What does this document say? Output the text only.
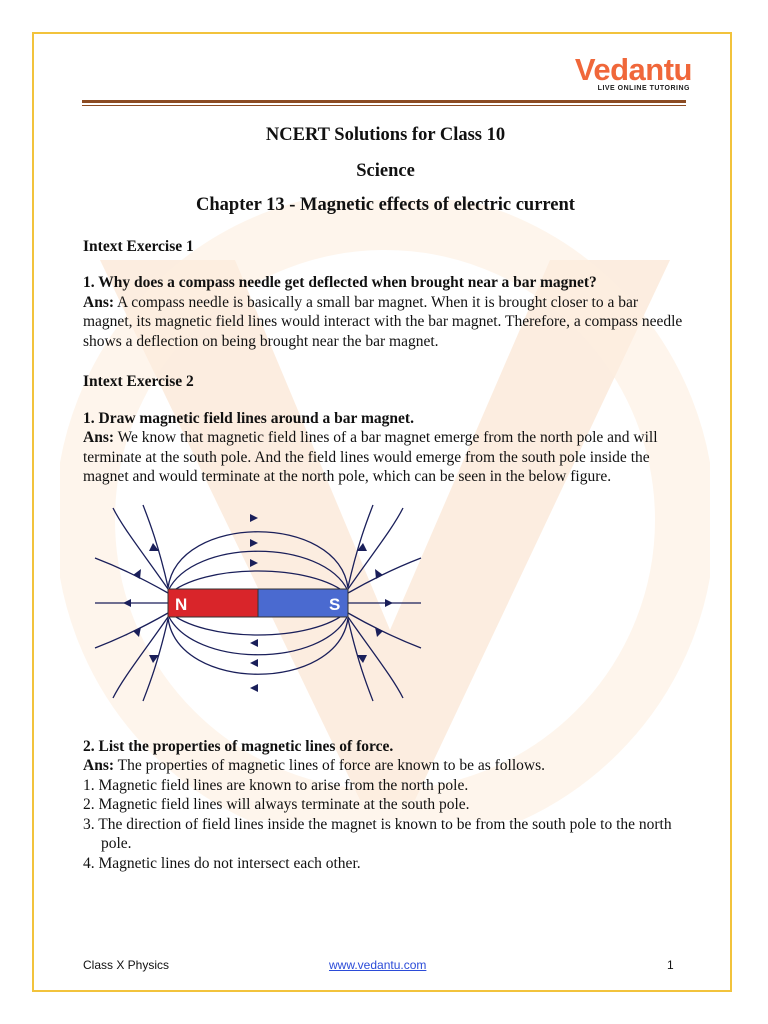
Vedantu
LIVE ONLINE TUTORING
NCERT Solutions for Class 10
Science
Chapter 13 - Magnetic effects of electric current
Intext Exercise 1
1. Why does a compass needle get deflected when brought near a bar magnet?

Ans: A compass needle is basically a small bar magnet. When it is brought closer to a bar magnet, its magnetic field lines would interact with the bar magnet. Therefore, a compass needle shows a deflection on being brought near the bar magnet.

Intext Exercise 2
1. Draw magnetic field lines around a bar magnet.

Ans: We know that magnetic field lines of a bar magnet emerge from the north pole and will terminate at the south pole. And the field lines would emerge from the south pole inside the magnet and would terminate at the north pole, which can be seen in the below figure.

N	S
2. List the properties of magnetic lines of force.

Ans: The properties of magnetic lines of force are known to be as follows.

1. Magnetic field lines are known to arise from the north pole.
2. Magnetic field lines will always terminate at the south pole.
3. The direction of field lines inside the magnet is known to be from the south pole to the north pole.
4. Magnetic lines do not intersect each other.
Class X Physics	www.vedantu.com	1
